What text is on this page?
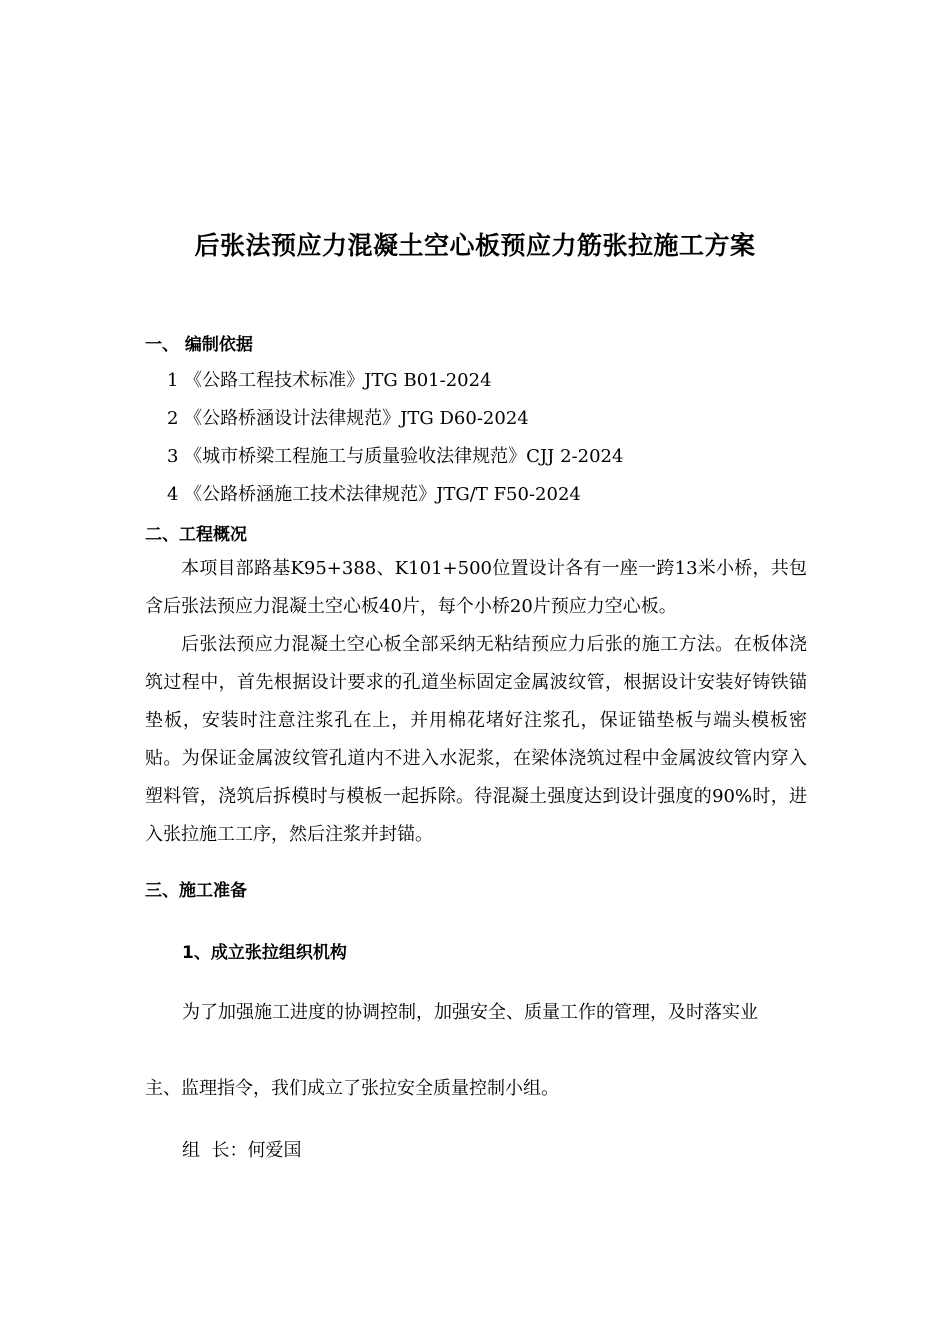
后张法预应力混凝土空心板预应力筋张拉施工方案
一、 编制依据
1 《公路工程技术标准》JTG B01-2024
2 《公路桥涵设计法律规范》JTG D60-2024
3 《城市桥梁工程施工与质量验收法律规范》CJJ 2-2024
4 《公路桥涵施工技术法律规范》JTG/T F50-2024
二、工程概况
本项目部路基K95+388、K101+500位置设计各有一座一跨13米小桥，共包含后张法预应力混凝土空心板40片，每个小桥20片预应力空心板。
后张法预应力混凝土空心板全部采纳无粘结预应力后张的施工方法。在板体浇筑过程中，首先根据设计要求的孔道坐标固定金属波纹管，根据设计安装好铸铁锚垫板，安装时注意注浆孔在上，并用棉花堵好注浆孔，保证锚垫板与端头模板密贴。为保证金属波纹管孔道内不进入水泥浆，在梁体浇筑过程中金属波纹管内穿入塑料管，浇筑后拆模时与模板一起拆除。待混凝土强度达到设计强度的90%时，进入张拉施工工序，然后注浆并封锚。
三、施工准备
1、成立张拉组织机构
为了加强施工进度的协调控制，加强安全、质量工作的管理，及时落实业
主、监理指令，我们成立了张拉安全质量控制小组。
组  长：何爱国
